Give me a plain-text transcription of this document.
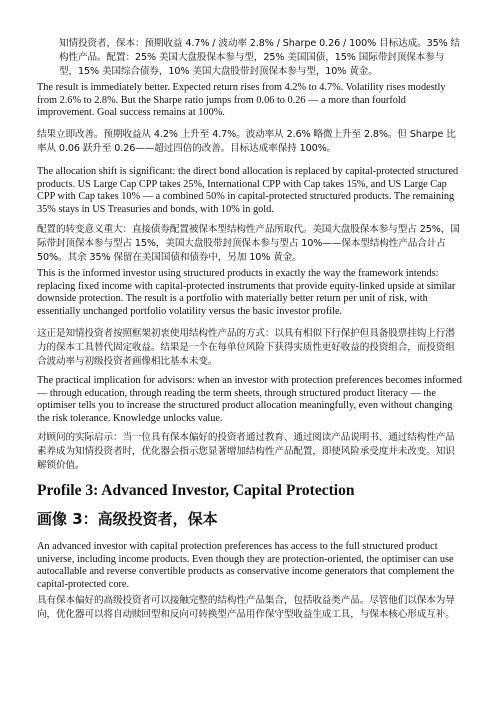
知情投资者，保本：预期收益 4.7% / 波动率 2.8% / Sharpe 0.26 / 100% 目标达成。35% 结构性产品。配置：25% 美国大盘股保本参与型，25% 美国国债，15% 国际带封顶保本参与型，15% 美国综合债券，10% 美国大盘股带封顶保本参与型，10% 黄金。

The result is immediately better. Expected return rises from 4.2% to 4.7%. Volatility rises modestly from 2.6% to 2.8%. But the Sharpe ratio jumps from 0.06 to 0.26 — a more than fourfold improvement. Goal success remains at 100%.

结果立即改善。预期收益从 4.2% 上升至 4.7%。波动率从 2.6% 略微上升至 2.8%。但 Sharpe 比率从 0.06 跃升至 0.26——超过四倍的改善。目标达成率保持 100%。

The allocation shift is significant: the direct bond allocation is replaced by capital-protected structured products. US Large Cap CPP takes 25%, International CPP with Cap takes 15%, and US Large Cap CPP with Cap takes 10% — a combined 50% in capital-protected structured products. The remaining 35% stays in US Treasuries and bonds, with 10% in gold.

配置的转变意义重大：直接债券配置被保本型结构性产品所取代。美国大盘股保本参与型占 25%，国际带封顶保本参与型占 15%，美国大盘股带封顶保本参与型占 10%——保本型结构性产品合计占 50%。其余 35% 保留在美国国债和债券中，另加 10% 黄金。

This is the informed investor using structured products in exactly the way the framework intends: replacing fixed income with capital-protected instruments that provide equity-linked upside at similar downside protection. The result is a portfolio with materially better return per unit of risk, with essentially unchanged portfolio volatility versus the basic investor profile.

这正是知情投资者按照框架初衷使用结构性产品的方式：以具有相似下行保护但具备股票挂钩上行潜力的保本工具替代固定收益。结果是一个在每单位风险下获得实质性更好收益的投资组合，而投资组合波动率与初级投资者画像相比基本未变。

The practical implication for advisors: when an investor with protection preferences becomes informed — through education, through reading the term sheets, through structured product literacy — the optimiser tells you to increase the structured product allocation meaningfully, even without changing the risk tolerance. Knowledge unlocks value.

对顾问的实际启示：当一位具有保本偏好的投资者通过教育、通过阅读产品说明书、通过结构性产品素养成为知情投资者时，优化器会指示您显著增加结构性产品配置，即使风险承受度并未改变。知识解锁价值。

Profile 3: Advanced Investor, Capital Protection
画像 3：高级投资者，保本

An advanced investor with capital protection preferences has access to the full structured product universe, including income products. Even though they are protection-oriented, the optimiser can use autocallable and reverse convertible products as conservative income generators that complement the capital-protected core.

具有保本偏好的高级投资者可以接触完整的结构性产品集合，包括收益类产品。尽管他们以保本为导向，优化器可以将自动赎回型和反向可转换型产品用作保守型收益生成工具，与保本核心形成互补。
